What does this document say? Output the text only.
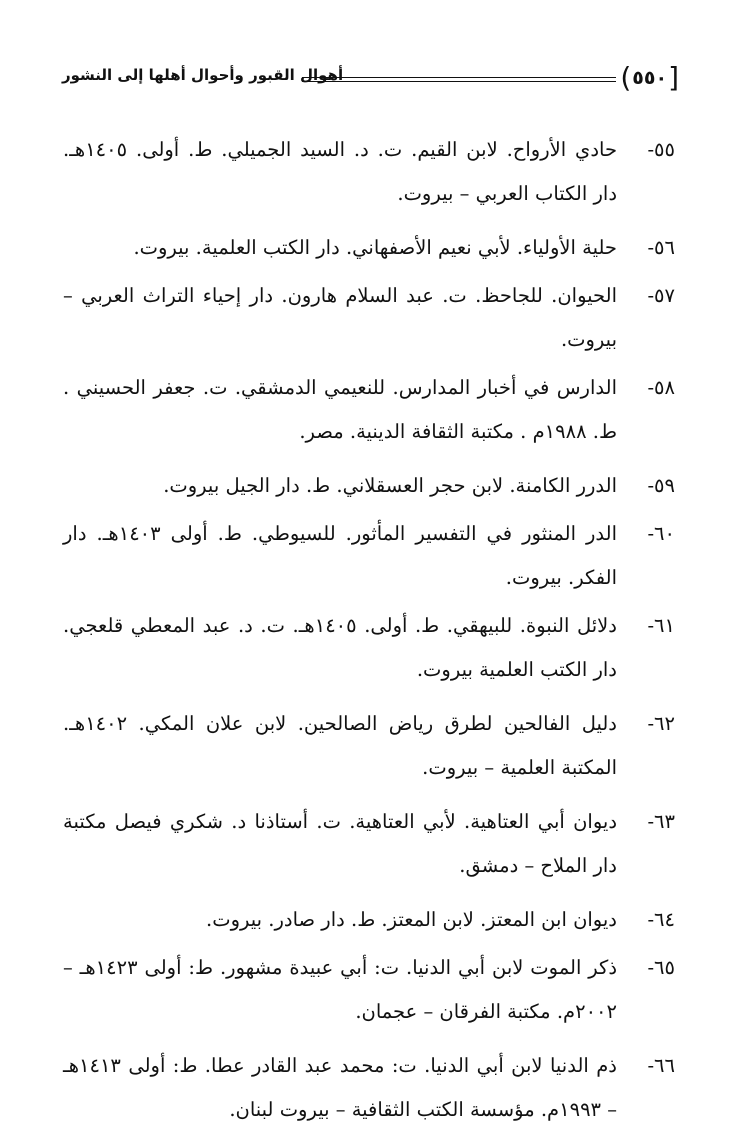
[
٥٥٠
)
أهوال القبور وأحوال أهلها إلى النشور
٥٥-
حادي الأرواح. لابن القيم. ت. د. السيد الجميلي. ط. أولى. ١٤٠٥هـ. دار الكتاب العربي – بيروت.
٥٦-
حلية الأولياء. لأبي نعيم الأصفهاني. دار الكتب العلمية. بيروت.
٥٧-
الحيوان. للجاحظ. ت. عبد السلام هارون. دار إحياء التراث العربي – بيروت.
٥٨-
الدارس في أخبار المدارس. للنعيمي الدمشقي. ت. جعفر الحسيني . ط. ١٩٨٨م . مكتبة الثقافة الدينية. مصر.
٥٩-
الدرر الكامنة. لابن حجر العسقلاني. ط. دار الجيل بيروت.
٦٠-
الدر المنثور في التفسير المأثور. للسيوطي. ط. أولى ١٤٠٣هـ. دار الفكر. بيروت.
٦١-
دلائل النبوة. للبيهقي. ط. أولى. ١٤٠٥هـ. ت. د. عبد المعطي قلعجي. دار الكتب العلمية بيروت.
٦٢-
دليل الفالحين لطرق رياض الصالحين. لابن علان المكي. ١٤٠٢هـ. المكتبة العلمية – بيروت.
٦٣-
ديوان أبي العتاهية. لأبي العتاهية. ت. أستاذنا د. شكري فيصل مكتبة دار الملاح – دمشق.
٦٤-
ديوان ابن المعتز. لابن المعتز. ط. دار صادر. بيروت.
٦٥-
ذكر الموت لابن أبي الدنيا. ت: أبي عبيدة مشهور. ط: أولى ١٤٢٣هـ – ٢٠٠٢م. مكتبة الفرقان – عجمان.
٦٦-
ذم الدنيا لابن أبي الدنيا. ت: محمد عبد القادر عطا. ط: أولى ١٤١٣هـ – ١٩٩٣م. مؤسسة الكتب الثقافية – بيروت لبنان.
